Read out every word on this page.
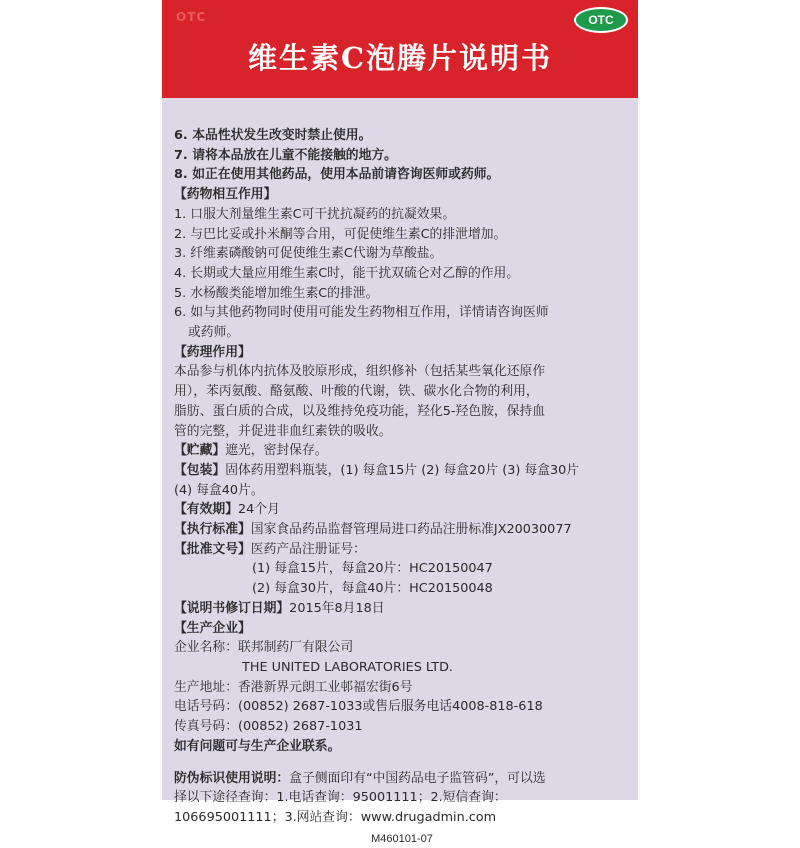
OTC	OTC
维生素C泡腾片说明书
6. 本品性状发生改变时禁止使用。
7. 请将本品放在儿童不能接触的地方。
8. 如正在使用其他药品，使用本品前请咨询医师或药师。
【药物相互作用】
1. 口服大剂量维生素C可干扰抗凝药的抗凝效果。
2. 与巴比妥或扑米酮等合用，可促使维生素C的排泄增加。
3. 纤维素磷酸钠可促使维生素C代谢为草酸盐。
4. 长期或大量应用维生素C时，能干扰双硫仑对乙醇的作用。
5. 水杨酸类能增加维生素C的排泄。
6. 如与其他药物同时使用可能发生药物相互作用，详情请咨询医师
或药师。
【药理作用】
本品参与机体内抗体及胶原形成，组织修补（包括某些氧化还原作
用），苯丙氨酸、酪氨酸、叶酸的代谢，铁、碳水化合物的利用，
脂肪、蛋白质的合成，以及维持免疫功能，羟化5-羟色胺，保持血
管的完整，并促进非血红素铁的吸收。
【贮藏】遮光，密封保存。
【包装】固体药用塑料瓶装，(1) 每盒15片 (2) 每盒20片 (3) 每盒30片
(4) 每盒40片。
【有效期】24个月
【执行标准】国家食品药品监督管理局进口药品注册标准JX20030077
【批准文号】医药产品注册证号：
(1) 每盒15片，每盒20片：HC20150047
(2) 每盒30片，每盒40片：HC20150048
【说明书修订日期】2015年8月18日
【生产企业】
企业名称：联邦制药厂有限公司
THE UNITED LABORATORIES LTD.
生产地址：香港新界元朗工业邨福宏街6号
电话号码：(00852) 2687-1033或售后服务电话4008-818-618
传真号码：(00852) 2687-1031
如有问题可与生产企业联系。
防伪标识使用说明：盒子侧面印有“中国药品电子监管码”，可以选
择以下途径查询：1.电话查询：95001111；2.短信查询：
106695001111；3.网站查询：www.drugadmin.com
M460101-07
